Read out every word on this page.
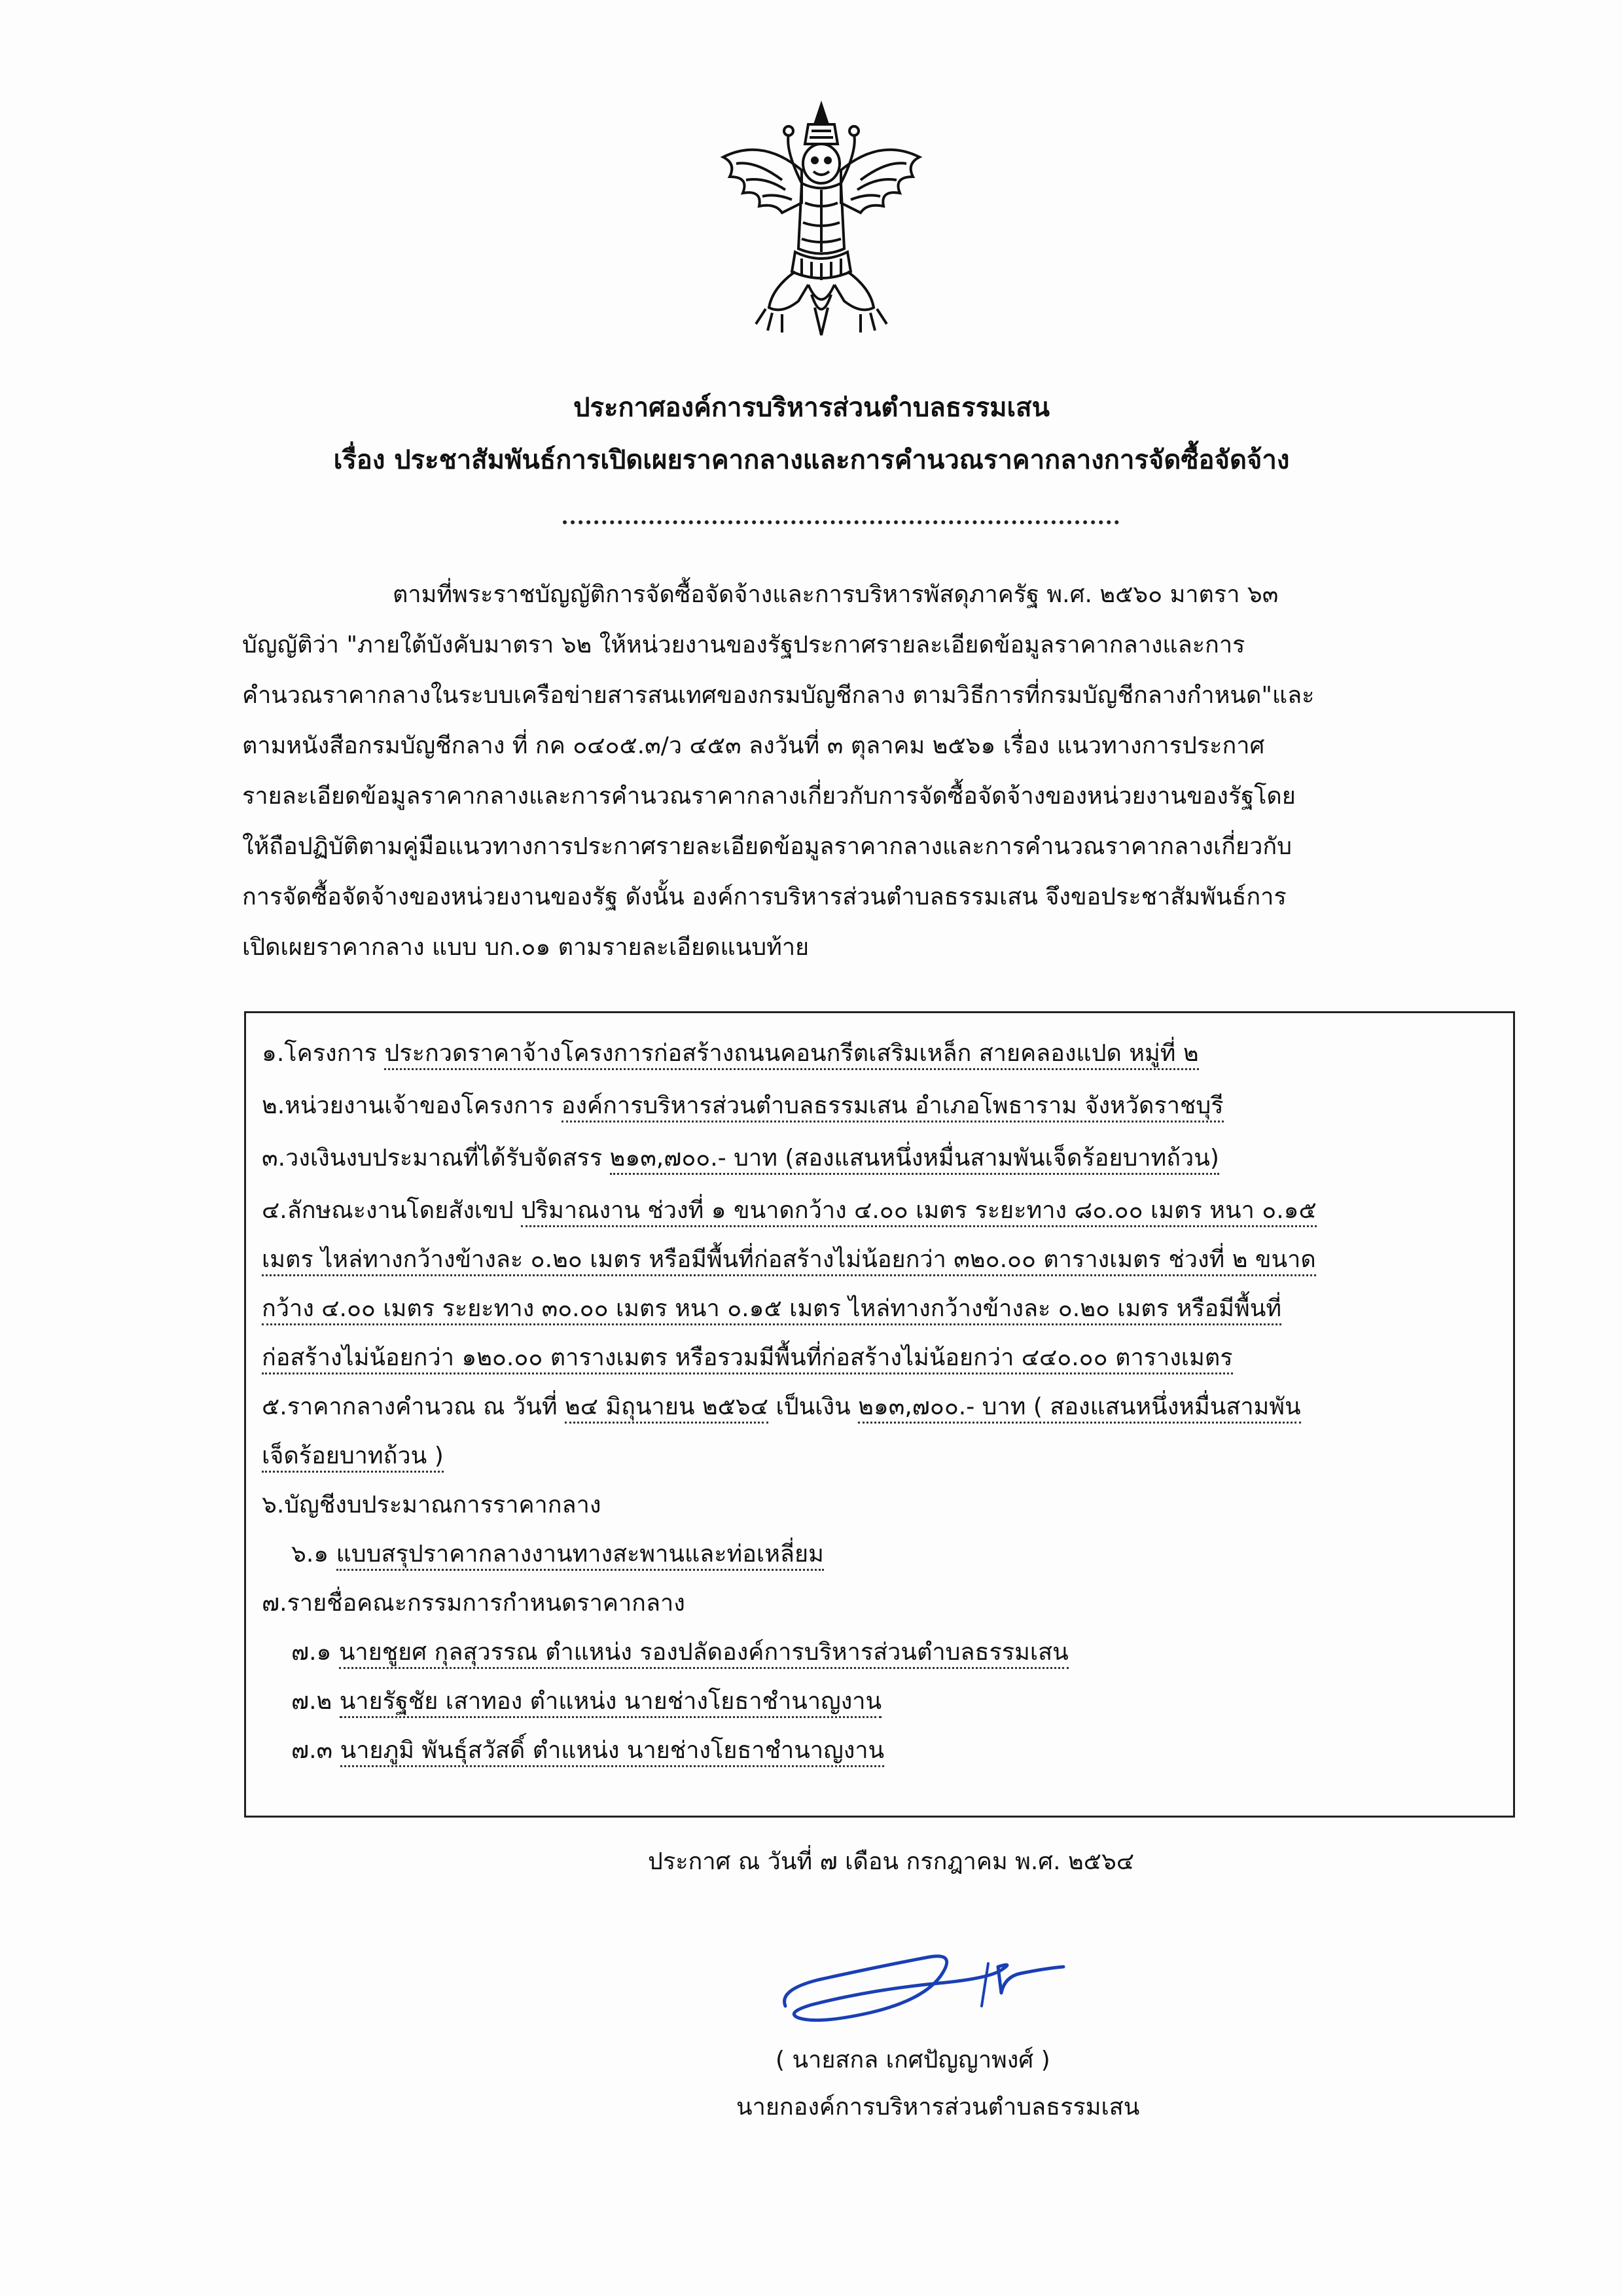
ประกาศองค์การบริหารส่วนตำบลธรรมเสน
เรื่อง ประชาสัมพันธ์การเปิดเผยราคากลางและการคำนวณราคากลางการจัดซื้อจัดจ้าง
ตามที่พระราชบัญญัติการจัดซื้อจัดจ้างและการบริหารพัสดุภาครัฐ พ.ศ. ๒๕๖๐ มาตรา ๖๓
บัญญัติว่า "ภายใต้บังคับมาตรา ๖๒ ให้หน่วยงานของรัฐประกาศรายละเอียดข้อมูลราคากลางและการ
คำนวณราคากลางในระบบเครือข่ายสารสนเทศของกรมบัญชีกลาง ตามวิธีการที่กรมบัญชีกลางกำหนด"และ
ตามหนังสือกรมบัญชีกลาง ที่ กค ๐๔๐๕.๓/ว ๔๕๓ ลงวันที่ ๓ ตุลาคม ๒๕๖๑ เรื่อง แนวทางการประกาศ
รายละเอียดข้อมูลราคากลางและการคำนวณราคากลางเกี่ยวกับการจัดซื้อจัดจ้างของหน่วยงานของรัฐโดย
ให้ถือปฏิบัติตามคู่มือแนวทางการประกาศรายละเอียดข้อมูลราคากลางและการคำนวณราคากลางเกี่ยวกับ
การจัดซื้อจัดจ้างของหน่วยงานของรัฐ ดังนั้น องค์การบริหารส่วนตำบลธรรมเสน จึงขอประชาสัมพันธ์การ
เปิดเผยราคากลาง แบบ บก.๐๑ ตามรายละเอียดแนบท้าย
๑.โครงการ ประกวดราคาจ้างโครงการก่อสร้างถนนคอนกรีตเสริมเหล็ก สายคลองแปด หมู่ที่ ๒
๒.หน่วยงานเจ้าของโครงการ องค์การบริหารส่วนตำบลธรรมเสน อำเภอโพธาราม จังหวัดราชบุรี
๓.วงเงินงบประมาณที่ได้รับจัดสรร ๒๑๓,๗๐๐.- บาท (สองแสนหนึ่งหมื่นสามพันเจ็ดร้อยบาทถ้วน)
๔.ลักษณะงานโดยสังเขป ปริมาณงาน ช่วงที่ ๑ ขนาดกว้าง ๔.๐๐ เมตร ระยะทาง ๘๐.๐๐ เมตร หนา ๐.๑๕
เมตร ไหล่ทางกว้างข้างละ ๐.๒๐ เมตร หรือมีพื้นที่ก่อสร้างไม่น้อยกว่า ๓๒๐.๐๐ ตารางเมตร ช่วงที่ ๒ ขนาด
กว้าง ๔.๐๐ เมตร ระยะทาง ๓๐.๐๐ เมตร หนา ๐.๑๕ เมตร ไหล่ทางกว้างข้างละ ๐.๒๐ เมตร หรือมีพื้นที่
ก่อสร้างไม่น้อยกว่า ๑๒๐.๐๐ ตารางเมตร หรือรวมมีพื้นที่ก่อสร้างไม่น้อยกว่า ๔๔๐.๐๐ ตารางเมตร
๕.ราคากลางคำนวณ ณ วันที่ ๒๔ มิถุนายน ๒๕๖๔ เป็นเงิน ๒๑๓,๗๐๐.- บาท ( สองแสนหนึ่งหมื่นสามพัน
เจ็ดร้อยบาทถ้วน )
๖.บัญชีงบประมาณการราคากลาง
๖.๑ แบบสรุปราคากลางงานทางสะพานและท่อเหลี่ยม
๗.รายชื่อคณะกรรมการกำหนดราคากลาง
๗.๑ นายชูยศ กุลสุวรรณ ตำแหน่ง รองปลัดองค์การบริหารส่วนตำบลธรรมเสน
๗.๒ นายรัฐชัย เสาทอง ตำแหน่ง นายช่างโยธาชำนาญงาน
๗.๓ นายภูมิ พันธุ์สวัสดิ์ ตำแหน่ง นายช่างโยธาชำนาญงาน
ประกาศ ณ วันที่ ๗ เดือน กรกฎาคม พ.ศ. ๒๕๖๔
( นายสกล เกศปัญญาพงศ์ )
นายกองค์การบริหารส่วนตำบลธรรมเสน
